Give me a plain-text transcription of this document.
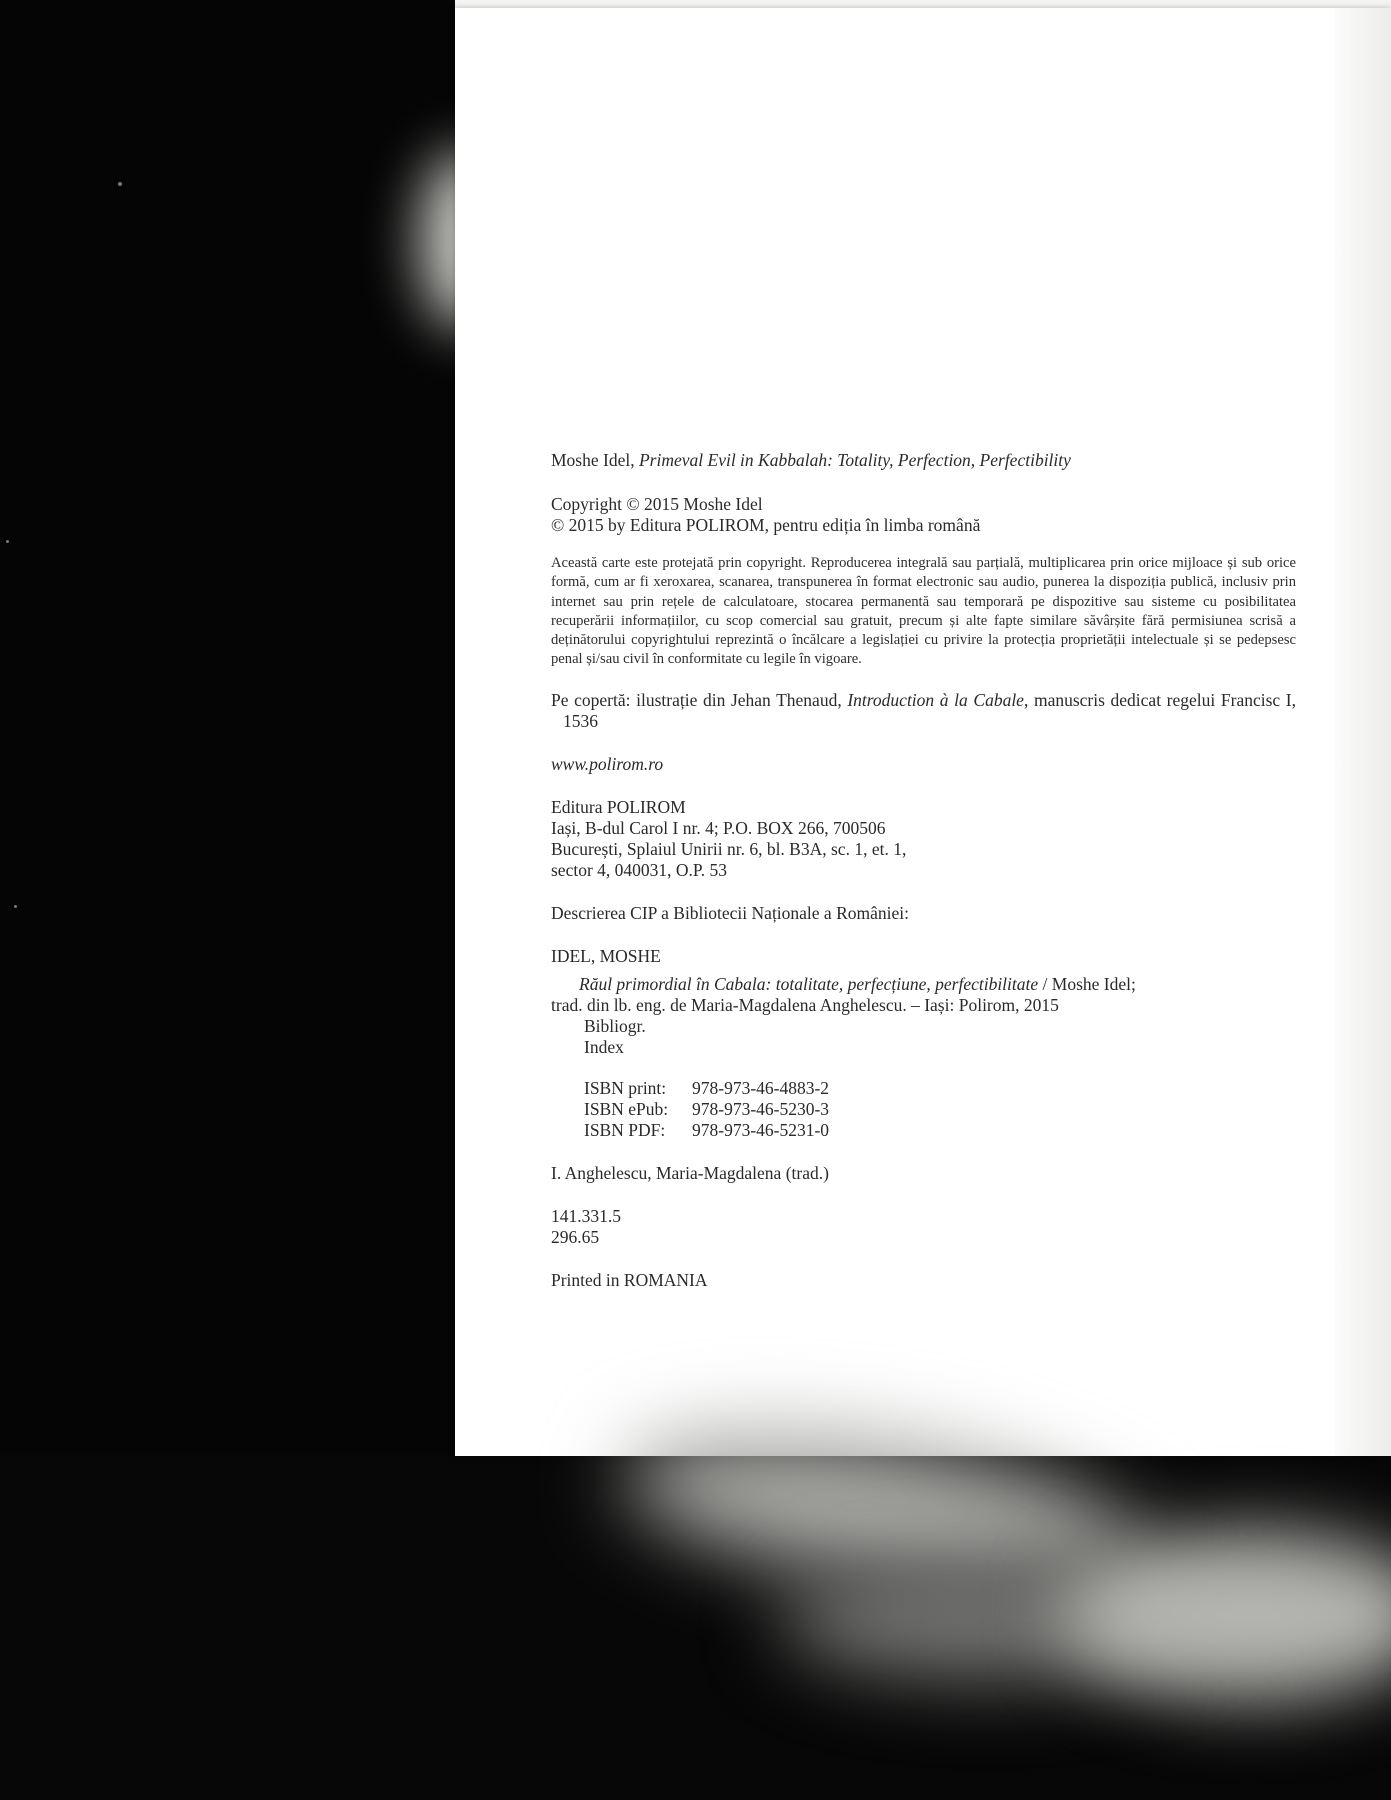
Moshe Idel, Primeval Evil in Kabbalah: Totality, Perfection, Perfectibility

Copyright © 2015 Moshe Idel
© 2015 by Editura POLIROM, pentru ediția în limba română

Această carte este protejată prin copyright. Reproducerea integrală sau parțială, multiplicarea prin orice mijloace și sub orice formă, cum ar fi xeroxarea, scanarea, transpunerea în format electronic sau audio, punerea la dispoziția publică, inclusiv prin internet sau prin rețele de calculatoare, stocarea permanentă sau temporară pe dispozitive sau sisteme cu posibilitatea recuperării informațiilor, cu scop comercial sau gratuit, precum și alte fapte similare săvârșite fără permisiunea scrisă a deținătorului copyrightului reprezintă o încălcare a legislației cu privire la protecția proprietății intelectuale și se pedepsesc penal și/sau civil în conformitate cu legile în vigoare.

Pe copertă: ilustrație din Jehan Thenaud, Introduction à la Cabale, manuscris dedicat regelui Francisc I, 1536

www.polirom.ro
Editura POLIROM
Iași, B-dul Carol I nr. 4; P.O. BOX 266, 700506
București, Splaiul Unirii nr. 6, bl. B3A, sc. 1, et. 1,
sector 4, 040031, O.P. 53
Descrierea CIP a Bibliotecii Naționale a României:
IDEL, MOSHE
Răul primordial în Cabala: totalitate, perfecțiune, perfectibilitate / Moshe Idel;
trad. din lb. eng. de Maria-Magdalena Anghelescu. – Iași: Polirom, 2015
Bibliogr.
Index
ISBN print:	978-973-46-4883-2
ISBN ePub:	978-973-46-5230-3
ISBN PDF:	978-973-46-5231-0
I. Anghelescu, Maria-Magdalena (trad.)
141.331.5
296.65
Printed in ROMANIA
